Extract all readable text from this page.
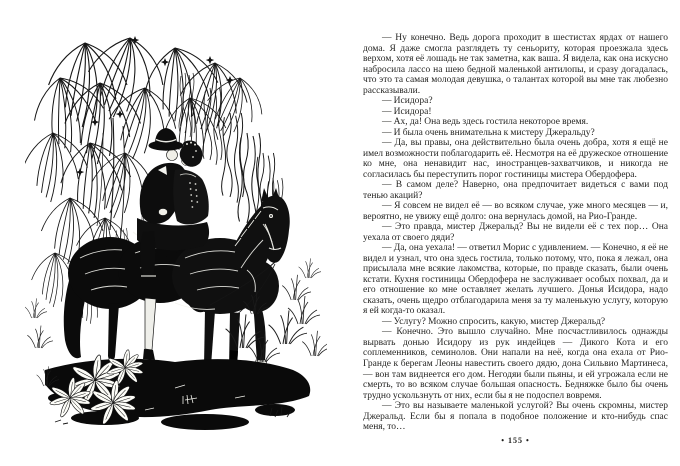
— Ну конечно. Ведь дорога проходит в шестистах ярдах от нашего дома. Я даже смогла разглядеть ту сеньориту, которая проезжала здесь верхом, хотя её лошадь не так заметна, как ваша. Я видела, как она искусно набросила лассо на шею бедной маленькой антилопы, и сразу догадалась, что это та самая молодая девушка, о талантах которой вы мне так любезно рассказывали.

— Исидора?

— Исидора!

— Ах, да! Она ведь здесь гостила некоторое время.

— И была очень внимательна к мистеру Джеральду?

— Да, вы правы, она действительно была очень добра, хотя я ещё не имел возможности поблагодарить её. Несмотря на её дружеское отношение ко мне, она ненавидит нас, иностранцев-захватчиков, и никогда не согласилась бы переступить порог гостиницы мистера Обердофера.

— В самом деле? Наверно, она предпочитает видеться с вами под тенью акаций?

— Я совсем не видел её — во всяком случае, уже много месяцев — и, вероятно, не увижу ещё долго: она вернулась домой, на Рио-Гранде.

— Это правда, мистер Джеральд? Вы не видели её с тех пор… Она уехала от своего дяди?

— Да, она уехала! — ответил Морис с удивлением. — Конечно, я её не видел и узнал, что она здесь гостила, только потому, что, пока я лежал, она присылала мне всякие лакомства, которые, по правде сказать, были очень кстати. Кухня гостиницы Обердофера не заслуживает особых похвал, да и его отношение ко мне оставляет желать лучшего. Донья Исидора, надо сказать, очень щедро отблагодарила меня за ту маленькую услугу, которую я ей когда-то оказал.

— Услугу? Можно спросить, какую, мистер Джеральд?

— Конечно. Это вышло случайно. Мне посчастливилось однажды вырвать донью Исидору из рук индейцев — Дикого Кота и его соплеменников, семинолов. Они напали на неё, когда она ехала от Рио-Гранде к берегам Леоны навестить своего дядю, дона Сильвио Мартинеса, — вон там виднеется его дом. Негодяи были пьяны, и ей угрожала если не смерть, то во всяком случае большая опасность. Бедняжке было бы очень трудно ускользнуть от них, если бы я не подоспел вовремя.

— Это вы называете маленькой услугой? Вы очень скромны, мистер Джеральд. Если бы я попала в подобное положение и кто-нибудь спас меня, то…

• 155 •
